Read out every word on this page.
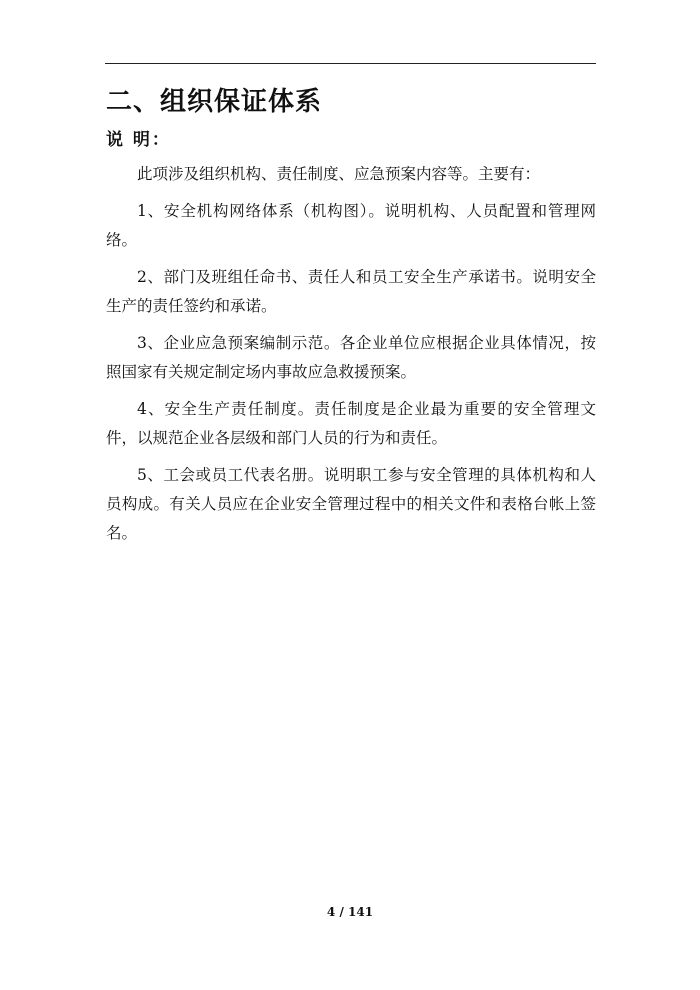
二、组织保证体系
说 明：

此项涉及组织机构、责任制度、应急预案内容等。主要有：

1、安全机构网络体系（机构图）。说明机构、人员配置和管理网络。

2、部门及班组任命书、责任人和员工安全生产承诺书。说明安全生产的责任签约和承诺。

3、企业应急预案编制示范。各企业单位应根据企业具体情况，按照国家有关规定制定场内事故应急救援预案。

4、安全生产责任制度。责任制度是企业最为重要的安全管理文件，以规范企业各层级和部门人员的行为和责任。

5、工会或员工代表名册。说明职工参与安全管理的具体机构和人员构成。有关人员应在企业安全管理过程中的相关文件和表格台帐上签名。

4 / 141
